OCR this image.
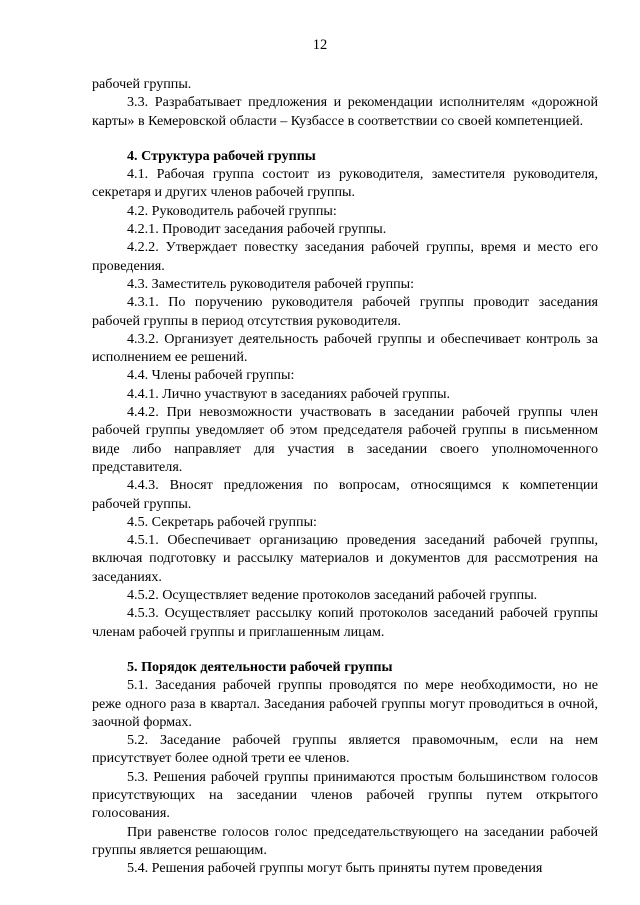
12
рабочей группы.
3.3. Разрабатывает предложения и рекомендации исполнителям «дорожной карты» в Кемеровской области – Кузбассе в соответствии со своей компетенцией.
4. Структура рабочей группы
4.1. Рабочая группа состоит из руководителя, заместителя руководителя, секретаря и других членов рабочей группы.
4.2. Руководитель рабочей группы:
4.2.1. Проводит заседания рабочей группы.
4.2.2. Утверждает повестку заседания рабочей группы, время и место его проведения.
4.3. Заместитель руководителя рабочей группы:
4.3.1. По поручению руководителя рабочей группы проводит заседания рабочей группы в период отсутствия руководителя.
4.3.2. Организует деятельность рабочей группы и обеспечивает контроль за исполнением ее решений.
4.4. Члены рабочей группы:
4.4.1. Лично участвуют в заседаниях рабочей группы.
4.4.2. При невозможности участвовать в заседании рабочей группы член рабочей группы уведомляет об этом председателя рабочей группы в письменном виде либо направляет для участия в заседании своего уполномоченного представителя.
4.4.3. Вносят предложения по вопросам, относящимся к компетенции рабочей группы.
4.5. Секретарь рабочей группы:
4.5.1. Обеспечивает организацию проведения заседаний рабочей группы, включая подготовку и рассылку материалов и документов для рассмотрения на заседаниях.
4.5.2. Осуществляет ведение протоколов заседаний рабочей группы.
4.5.3. Осуществляет рассылку копий протоколов заседаний рабочей группы членам рабочей группы и приглашенным лицам.
5. Порядок деятельности рабочей группы
5.1. Заседания рабочей группы проводятся по мере необходимости, но не реже одного раза в квартал. Заседания рабочей группы могут проводиться в очной, заочной формах.
5.2. Заседание рабочей группы является правомочным, если на нем присутствует более одной трети ее членов.
5.3. Решения рабочей группы принимаются простым большинством голосов присутствующих на заседании членов рабочей группы путем открытого голосования.
При равенстве голосов голос председательствующего на заседании рабочей группы является решающим.
5.4. Решения рабочей группы могут быть приняты путем проведения
